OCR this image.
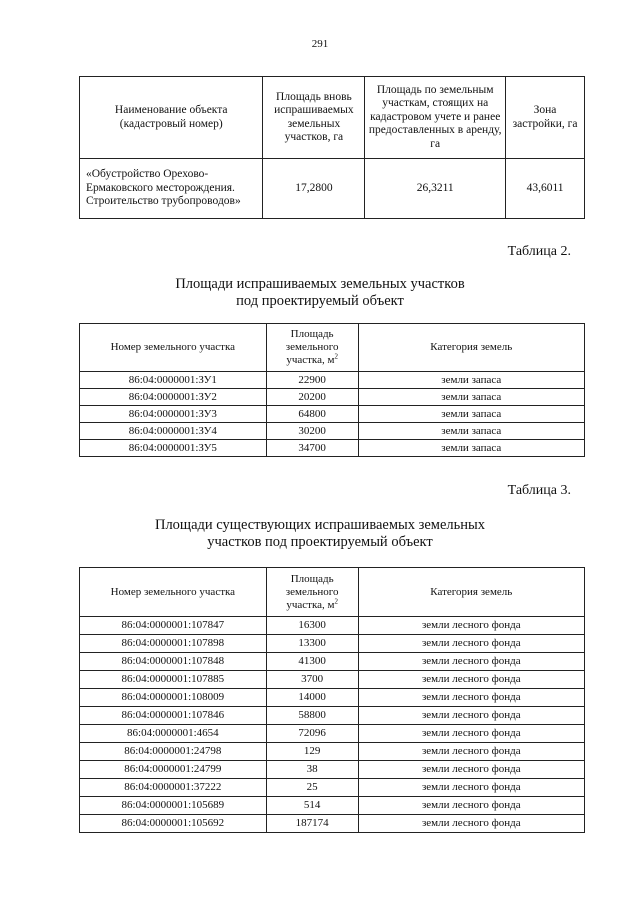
291
Наименование объекта (кадастровый номер)	Площадь вновь испрашиваемых земельных участков, га	Площадь по земельным участкам, стоящих на кадастровом учете и ранее предоставленных в аренду, га	Зона застройки, га
«Обустройство Орехово-Ермаковского месторождения. Строительство трубопроводов»	17,2800	26,3211	43,6011
Таблица 2.
Площади испрашиваемых земельных участков
под проектируемый объект
Номер земельного участка	Площадь земельного участка, $м^2$	Категория земель
86:04:0000001:ЗУ1	22900	земли запаса
86:04:0000001:ЗУ2	20200	земли запаса
86:04:0000001:ЗУ3	64800	земли запаса
86:04:0000001:ЗУ4	30200	земли запаса
86:04:0000001:ЗУ5	34700	земли запаса
Таблица 3.
Площади существующих испрашиваемых земельных
участков под проектируемый объект
Номер земельного участка	Площадь земельного участка, $м^2$	Категория земель
86:04:0000001:107847	16300	земли лесного фонда
86:04:0000001:107898	13300	земли лесного фонда
86:04:0000001:107848	41300	земли лесного фонда
86:04:0000001:107885	3700	земли лесного фонда
86:04:0000001:108009	14000	земли лесного фонда
86:04:0000001:107846	58800	земли лесного фонда
86:04:0000001:4654	72096	земли лесного фонда
86:04:0000001:24798	129	земли лесного фонда
86:04:0000001:24799	38	земли лесного фонда
86:04:0000001:37222	25	земли лесного фонда
86:04:0000001:105689	514	земли лесного фонда
86:04:0000001:105692	187174	земли лесного фонда
